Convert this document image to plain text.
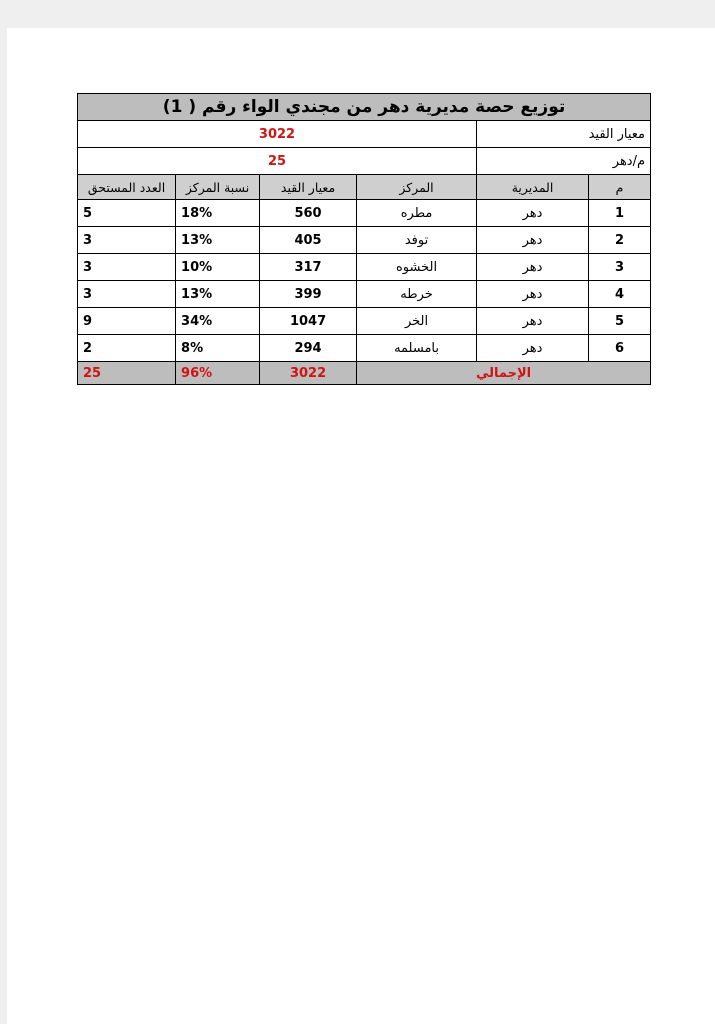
توزيع حصة مديرية دهر من مجندي الواء رقم ( 1)					
معيار القيد		3022			
م/دهر		25			
م	المديرية	المركز	معيار القيد	نسبة المركز	العدد المستحق
1	دهر	مطره	560	18%	5
2	دهر	توفد	405	13%	3
3	دهر	الخشوه	317	10%	3
4	دهر	خرطه	399	13%	3
5	دهر	الخر	1047	34%	9
6	دهر	بامسلمه	294	8%	2
الإجمالي			3022	96%	25
